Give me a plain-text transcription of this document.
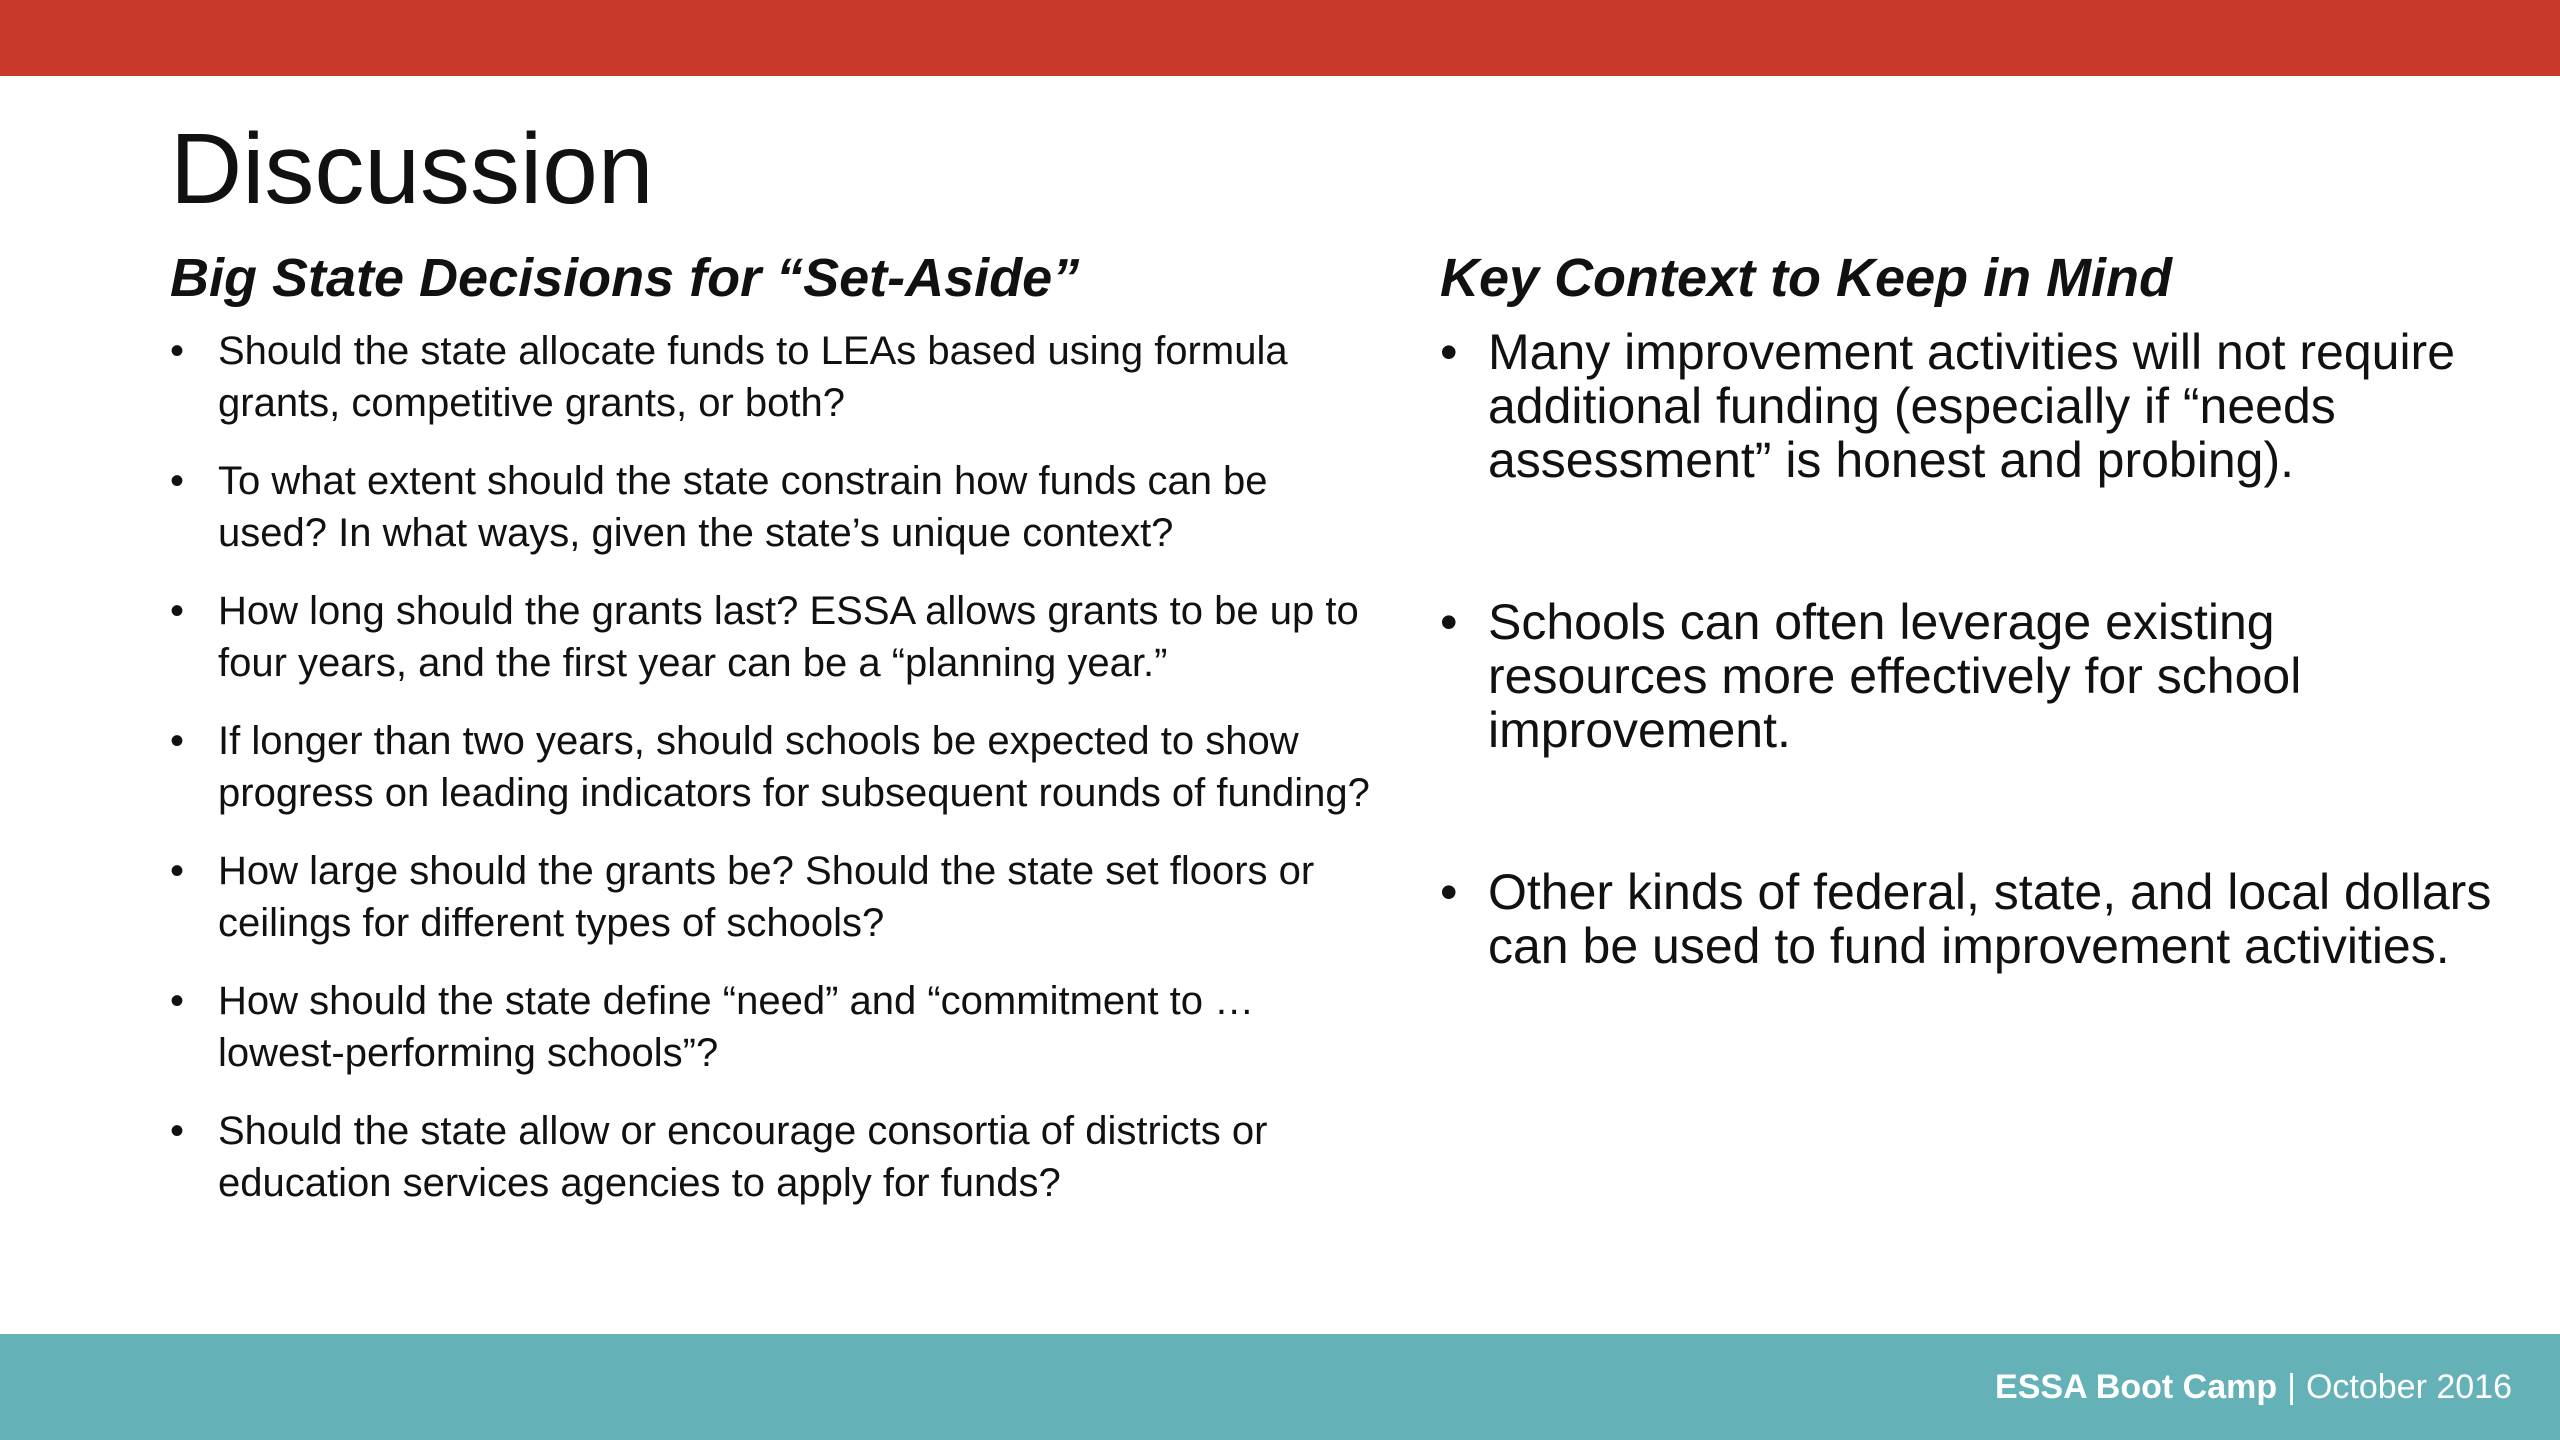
Discussion
Big State Decisions for “Set-Aside”
• Should the state allocate funds to LEAs based using formula grants, competitive grants, or both?
• To what extent should the state constrain how funds can be used? In what ways, given the state’s unique context?
• How long should the grants last? ESSA allows grants to be up to four years, and the first year can be a “planning year.”
• If longer than two years, should schools be expected to show progress on leading indicators for subsequent rounds of funding?
• How large should the grants be? Should the state set floors or ceilings for different types of schools?
• How should the state define “need” and “commitment to … lowest-performing schools”?
• Should the state allow or encourage consortia of districts or education services agencies to apply for funds?
Key Context to Keep in Mind
• Many improvement activities will not require additional funding (especially if “needs assessment” is honest and probing).
• Schools can often leverage existing resources more effectively for school improvement.
• Other kinds of federal, state, and local dollars can be used to fund improvement activities.
ESSA Boot Camp | October 2016
